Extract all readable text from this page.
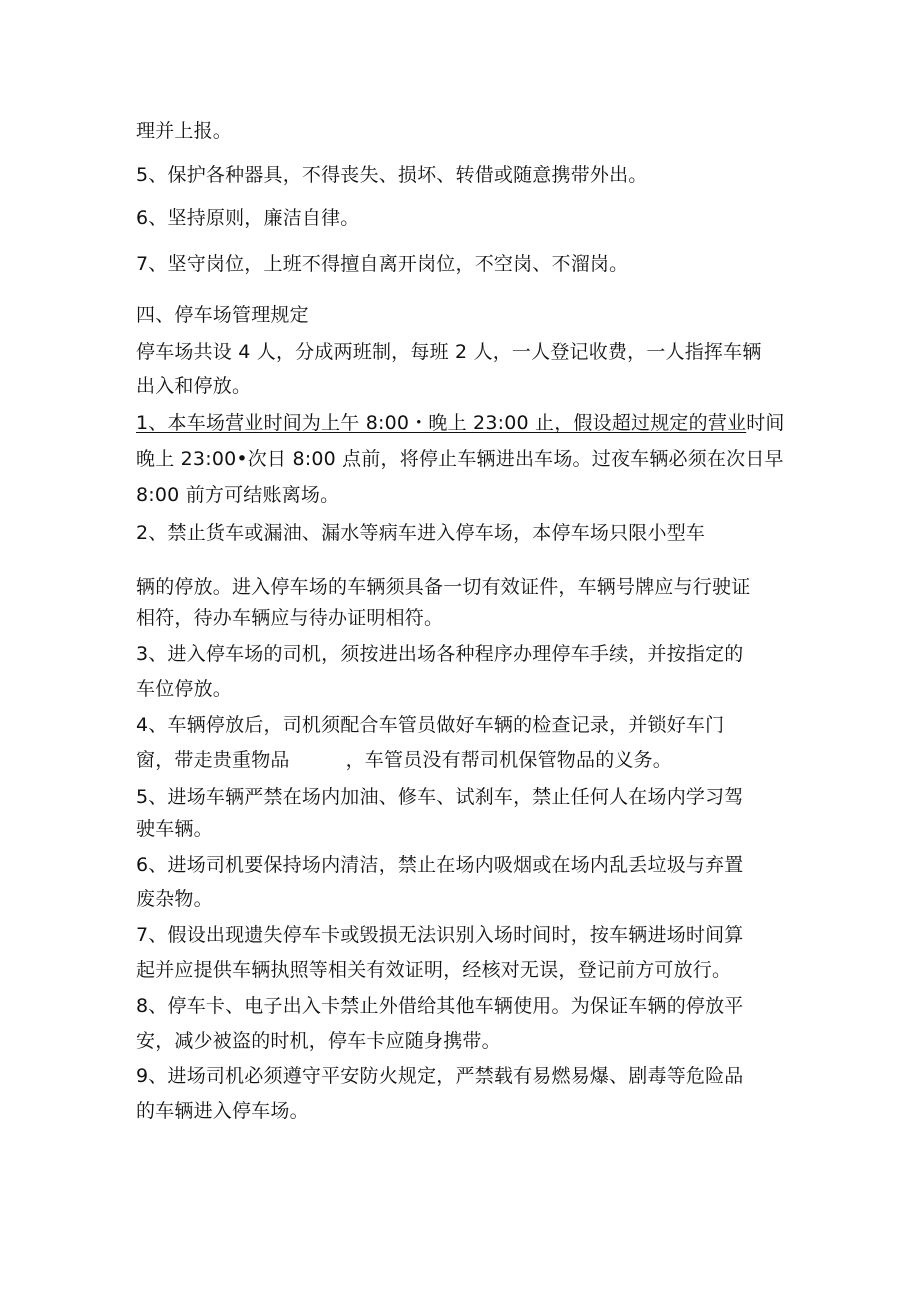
理并上报。
5、保护各种器具，不得丧失、损坏、转借或随意携带外出。
6、坚持原则，廉洁自律。
7、坚守岗位，上班不得擅自离开岗位，不空岗、不溜岗。
四、停车场管理规定
停车场共设 4 人，分成两班制，每班 2 人，一人登记收费，一人指挥车辆
出入和停放。
1、本车场营业时间为上午 8:00・晚上 23:00 止，假设超过规定的营业时间
晚上 23:00•次日 8:00 点前，将停止车辆进出车场。过夜车辆必须在次日早
8:00 前方可结账离场。
2、禁止货车或漏油、漏水等病车进入停车场，本停车场只限小型车
辆的停放。进入停车场的车辆须具备一切有效证件，车辆号牌应与行驶证
相符，待办车辆应与待办证明相符。
3、进入停车场的司机，须按进出场各种程序办理停车手续，并按指定的
车位停放。
4、车辆停放后，司机须配合车管员做好车辆的检查记录，并锁好车门
窗，带走贵重物品	，车管员没有帮司机保管物品的义务。
5、进场车辆严禁在场内加油、修车、试刹车，禁止任何人在场内学习驾
驶车辆。
6、进场司机要保持场内清洁，禁止在场内吸烟或在场内乱丢垃圾与弃置
废杂物。
7、假设出现遗失停车卡或毁损无法识别入场时间时，按车辆进场时间算
起并应提供车辆执照等相关有效证明，经核对无误，登记前方可放行。
8、停车卡、电子出入卡禁止外借给其他车辆使用。为保证车辆的停放平
安，减少被盗的时机，停车卡应随身携带。
9、进场司机必须遵守平安防火规定，严禁载有易燃易爆、剧毒等危险品
的车辆进入停车场。
